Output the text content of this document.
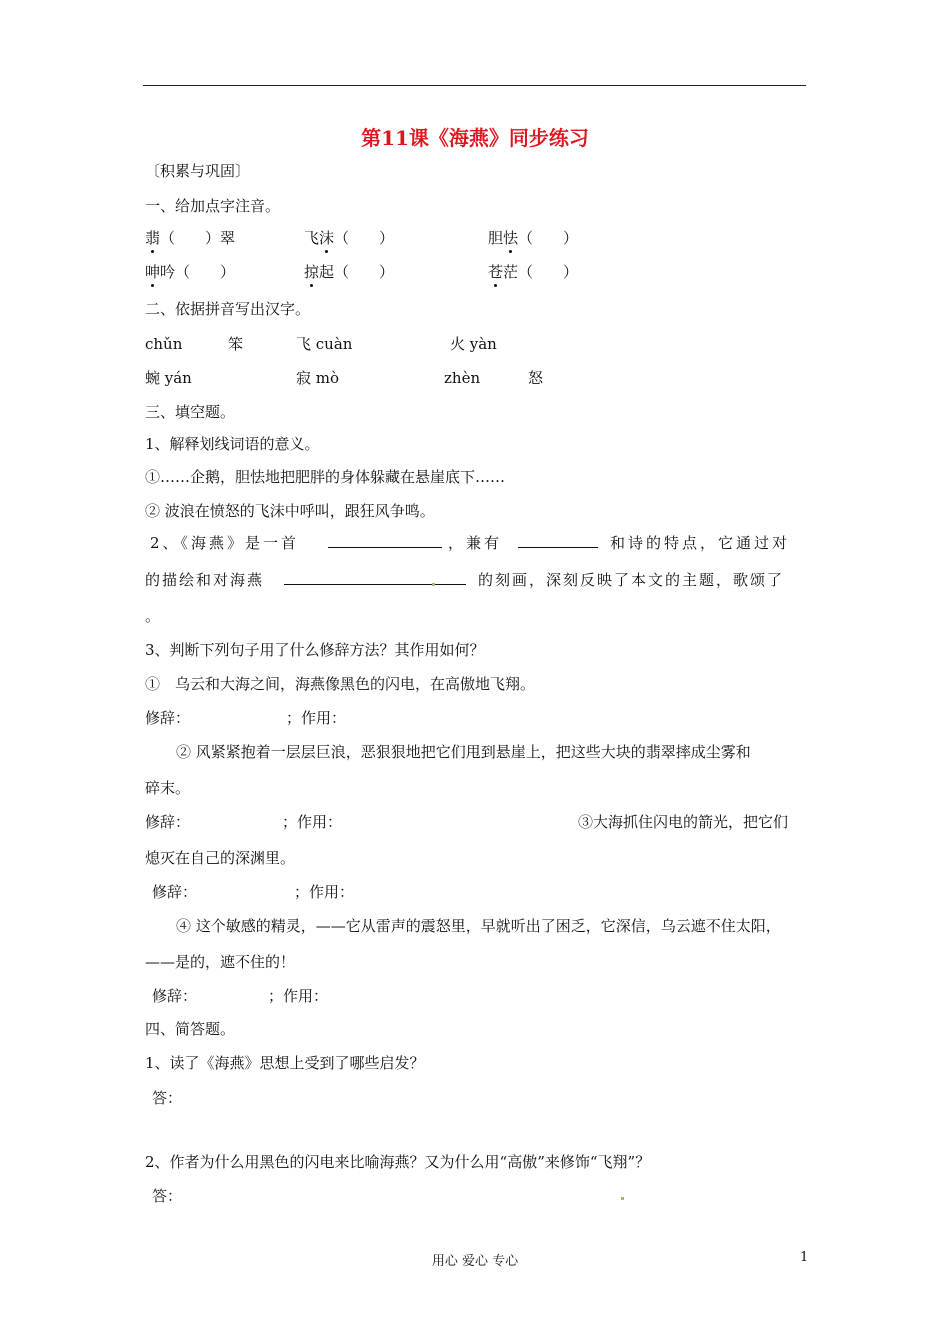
第11课《海燕》同步练习
〔积累与巩固〕
一、给加点字注音。
翡（　　）翠	飞沫（　　）	胆怯（　　）
呻吟（　　）	掠起（　　）	苍茫（　　）
二、依据拼音写出汉字。
chǔn	笨	飞 cuàn	火 yàn
蜿 yán	寂 mò	zhèn	怒
三、填空题。
1、解释划线词语的意义。
①……企鹅，胆怯地把肥胖的身体躲藏在悬崖底下……
② 波浪在愤怒的飞沫中呼叫，跟狂风争鸣。
2、《海燕》是一首	，兼有	和诗的特点，它通过对
的描绘和对海燕	的刻画，深刻反映了本文的主题，歌颂了
。
3、判断下列句子用了什么修辞方法？其作用如何？
①　乌云和大海之间，海燕像黑色的闪电，在高傲地飞翔。
修辞：	；作用：
② 风紧紧抱着一层层巨浪，恶狠狠地把它们甩到悬崖上，把这些大块的翡翠摔成尘雾和
碎末。
修辞：	；作用：	③大海抓住闪电的箭光，把它们
熄灭在自己的深渊里。
修辞：	；作用：
④ 这个敏感的精灵，——它从雷声的震怒里，早就听出了困乏，它深信，乌云遮不住太阳，
——是的，遮不住的！
修辞：	；作用：
四、简答题。
1、读了《海燕》思想上受到了哪些启发？
答：
2、作者为什么用黑色的闪电来比喻海燕？又为什么用“高傲”来修饰“飞翔”？
答：
用心 爱心 专心	1
